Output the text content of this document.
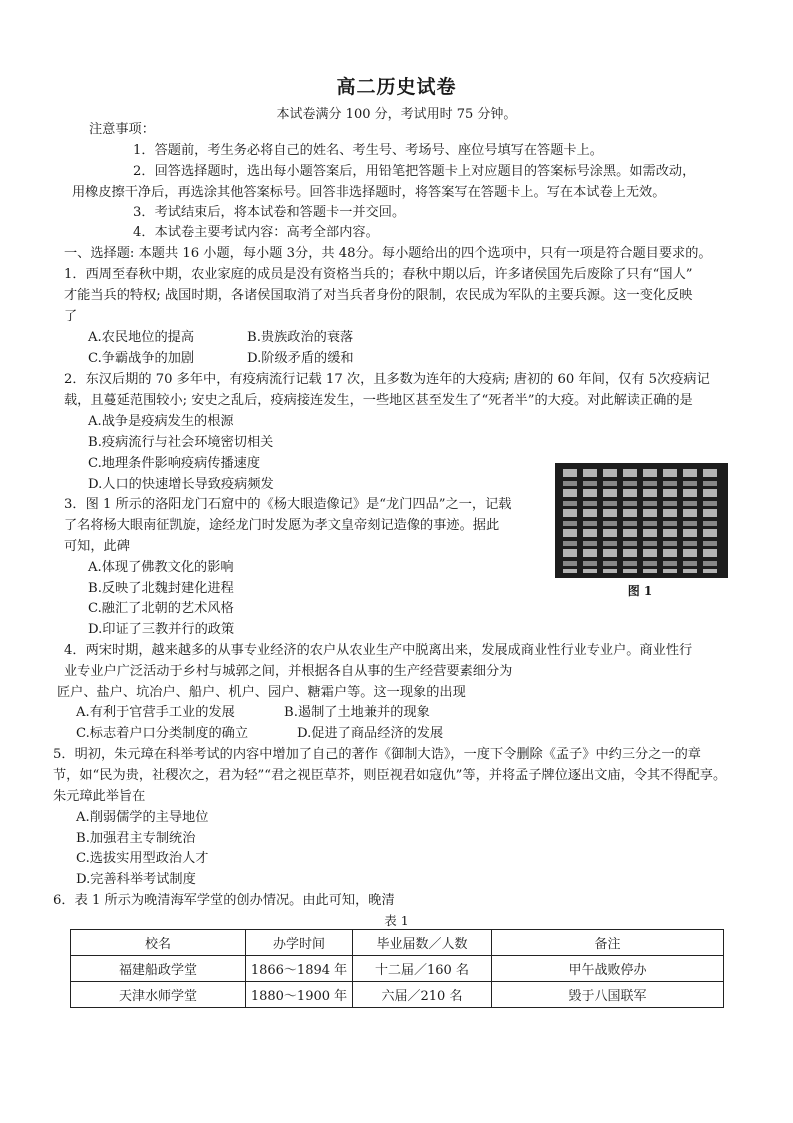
高二历史试卷
本试卷满分 100 分，考试用时 75 分钟。
注意事项：
1．答题前，考生务必将自己的姓名、考生号、考场号、座位号填写在答题卡上。
2．回答选择题时，选出每小题答案后，用铅笔把答题卡上对应题目的答案标号涂黑。如需改动，
用橡皮擦干净后，再选涂其他答案标号。回答非选择题时，将答案写在答题卡上。写在本试卷上无效。
3．考试结束后，将本试卷和答题卡一并交回。
4．本试卷主要考试内容：高考全部内容。
一、选择题: 本题共 16 小题，每小题 3分，共 48分。每小题给出的四个选项中，只有一项是符合题目要求的。
1．西周至春秋中期，农业家庭的成员是没有资格当兵的；春秋中期以后，许多诸侯国先后废除了只有“国人”
才能当兵的特权; 战国时期，各诸侯国取消了对当兵者身份的限制，农民成为军队的主要兵源。这一变化反映
了
A.农民地位的提高	B.贵族政治的衰落
C.争霸战争的加剧	D.阶级矛盾的缓和
2．东汉后期的 70 多年中，有疫病流行记载 17 次，且多数为连年的大疫病; 唐初的 60 年间，仅有 5次疫病记
载，且蔓延范围较小; 安史之乱后，疫病接连发生，一些地区甚至发生了“死者半”的大疫。对此解读正确的是
A.战争是疫病发生的根源
B.疫病流行与社会环境密切相关
C.地理条件影响疫病传播速度
D.人口的快速增长导致疫病频发
3．图 1 所示的洛阳龙门石窟中的《杨大眼造像记》是“龙门四品”之一，记载
了名将杨大眼南征凯旋，途经龙门时发愿为孝文皇帝刻记造像的事迹。据此
可知，此碑
A.体现了佛教文化的影响
B.反映了北魏封建化进程
C.融汇了北朝的艺术风格
D.印证了三教并行的政策
图 1
4．两宋时期，越来越多的从事专业经济的农户从农业生产中脱离出来，发展成商业性行业专业户。商业性行
业专业户广泛活动于乡村与城郭之间，并根据各自从事的生产经营要素细分为
匠户、盐户、坑冶户、船户、机户、园户、糖霜户等。这一现象的出现
A.有利于官营手工业的发展	B.遏制了土地兼并的现象
C.标志着户口分类制度的确立	D.促进了商品经济的发展
5．明初，朱元璋在科举考试的内容中增加了自己的著作《御制大诰》，一度下令删除《孟子》中约三分之一的章
节，如“民为贵，社稷次之，君为轻”“君之视臣草芥，则臣视君如寇仇”等，并将孟子牌位逐出文庙，令其不得配享。
朱元璋此举旨在
A.削弱儒学的主导地位
B.加强君主专制统治
C.选拔实用型政治人才
D.完善科举考试制度
6．表 1 所示为晚清海军学堂的创办情况。由此可知，晚清
表 1
校名	办学时间	毕业届数／人数	备注
福建船政学堂	1866～1894 年	十二届／160 名	甲午战败停办
天津水师学堂	1880～1900 年	六届／210 名	毁于八国联军
